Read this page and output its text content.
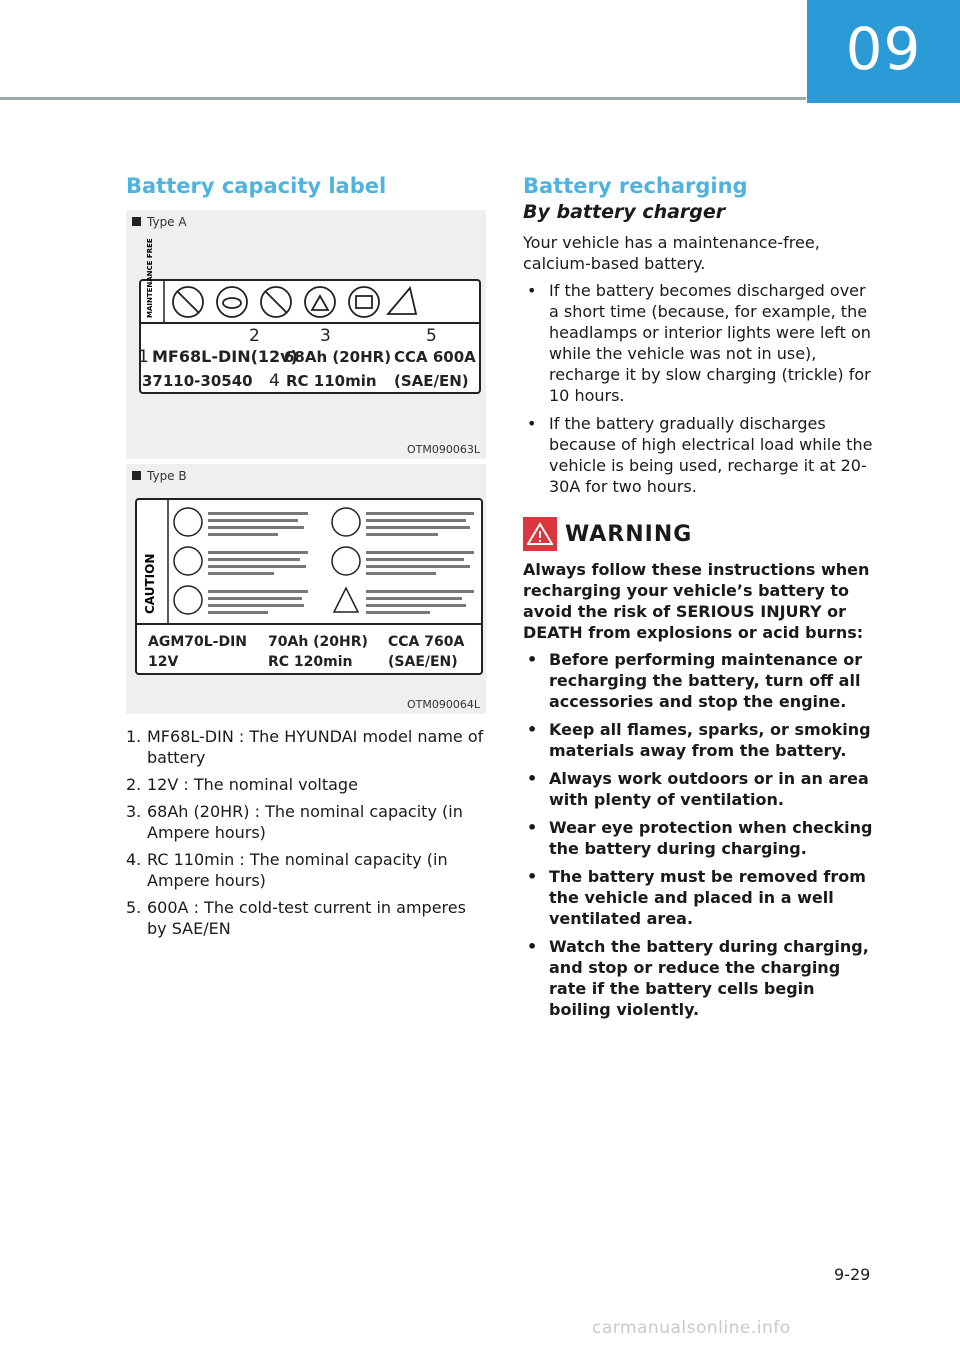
09
Battery capacity label
Type A
MAINTENANCE FREE
1
2	3
4
5
MF68L-DIN(12v)
37110-30540
68Ah (20HR)
RC 110min
CCA 600A
(SAE/EN)
OTM090063L
Type B
CAUTION
AGM70L-DIN
12V
70Ah (20HR)
RC 120min
CCA 760A
(SAE/EN)
OTM090064L
1. MF68L-DIN : The HYUNDAI model name of battery
2. 12V : The nominal voltage
3. 68Ah (20HR) : The nominal capacity (in Ampere hours)
4. RC 110min : The nominal capacity (in Ampere hours)
5. 600A : The cold-test current in amperes by SAE/EN
Battery recharging
By battery charger

Your vehicle has a maintenance-free, calcium-based battery.

• If the battery becomes discharged over a short time (because, for example, the headlamps or interior lights were left on while the vehicle was not in use), recharge it by slow charging (trickle) for 10 hours.
• If the battery gradually discharges because of high electrical load while the vehicle is being used, recharge it at 20-30A for two hours.
WARNING

Always follow these instructions when recharging your vehicle’s battery to avoid the risk of SERIOUS INJURY or DEATH from explosions or acid burns:

• Before performing maintenance or recharging the battery, turn off all accessories and stop the engine.
• Keep all flames, sparks, or smoking materials away from the battery.
• Always work outdoors or in an area with plenty of ventilation.
• Wear eye protection when checking the battery during charging.
• The battery must be removed from the vehicle and placed in a well ventilated area.
• Watch the battery during charging, and stop or reduce the charging rate if the battery cells begin boiling violently.
9-29
carmanualsonline.info
